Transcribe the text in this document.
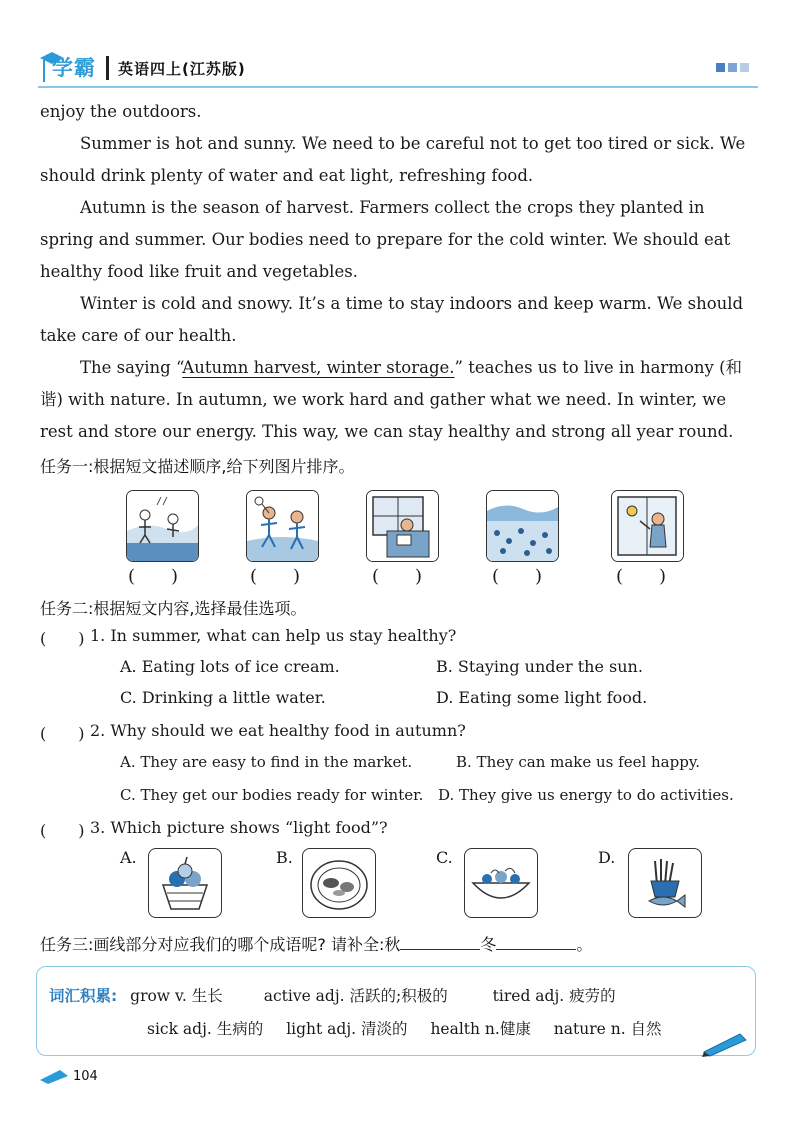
学霸 英语四上(江苏版)

enjoy the outdoors.

Summer is hot and sunny. We need to be careful not to get too tired or sick. We should drink plenty of water and eat light, refreshing food.

Autumn is the season of harvest. Farmers collect the crops they planted in spring and summer. Our bodies need to prepare for the cold winter. We should eat healthy food like fruit and vegetables.

Winter is cold and snowy. It’s a time to stay indoors and keep warm. We should take care of our health.

The saying “Autumn harvest, winter storage.” teaches us to live in harmony (和谐) with nature. In autumn, we work hard and gather what we need. In winter, we rest and store our energy. This way, we can stay healthy and strong all year round.

任务一:根据短文描述顺序,给下列图片排序。
(　　)	(　　)	(　　)	(　　)	(　　)
任务二:根据短文内容,选择最佳选项。
(　　) 1. In summer, what can help us stay healthy?
A. Eating lots of ice cream.	B. Staying under the sun.
C. Drinking a little water.	D. Eating some light food.
(　　) 2. Why should we eat healthy food in autumn?
A. They are easy to find in the market.	B. They can make us feel happy.
C. They get our bodies ready for winter. D. They give us energy to do activities.
(　　) 3. Which picture shows “light food”?
A.	B.	C.	D.
任务三:画线部分对应我们的哪个成语呢? 请补全:秋	冬	。
词汇积累: grow v. 生长	active adj. 活跃的;积极的	tired adj. 疲劳的
sick adj. 生病的 light adj. 清淡的 health n.健康 nature n. 自然
104
